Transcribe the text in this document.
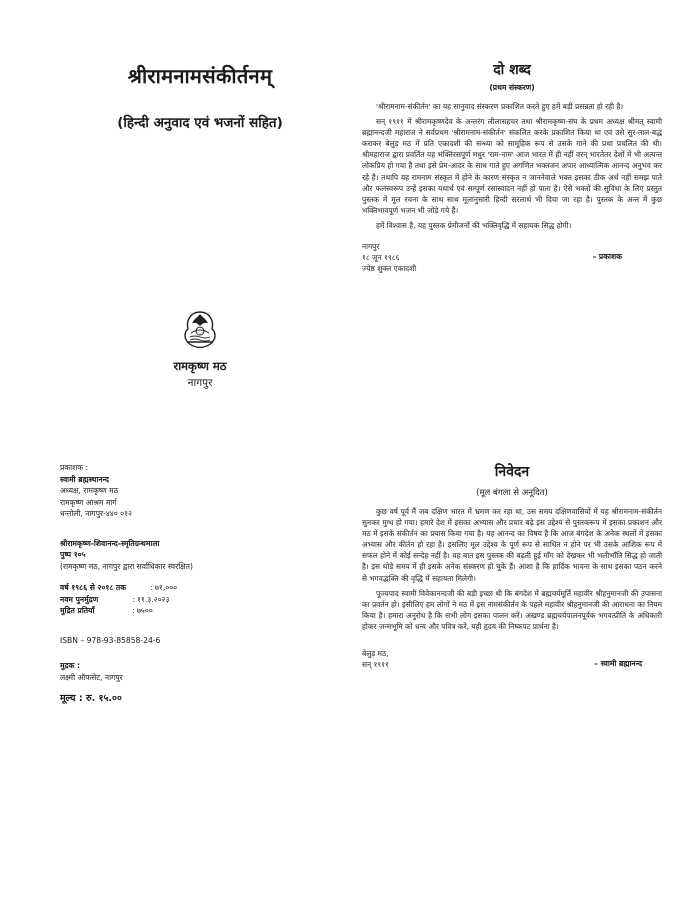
श्रीरामनामसंकीर्तनम्
(हिन्दी अनुवाद एवं भजनों सहित)
रामकृष्ण मठ
नागपुर
दो शब्द
(प्रथम संस्करण)

'श्रीरामनाम-संकीर्तन' का यह सानुवाद संस्करण प्रकाशित करते हुए हमें बड़ी प्रसन्नता हो रही है।

सन् १९११ में श्रीरामकृष्णदेव के अन्तरंग लीलासहचर तथा श्रीरामकृष्ण-संघ के प्रथम अध्यक्ष श्रीमत् स्वामी ब्रह्मानन्दजी महाराज ने सर्वप्रथम 'श्रीरामनाम-संकीर्तन' संकलित करके प्रकाशित किया था एवं उसे सुर-ताल-बद्ध कराकर बेलुड़ मठ में प्रति एकादशी की सन्ध्या को सामूहिक रूप से उसके गाने की प्रथा प्रचलित की थी। श्रीमहाराज द्वारा प्रवर्तित यह भक्तिरसपूर्ण मधुर 'राम-नाम' आज भारत में ही नहीं वरन् भारतेतर देशों में भी अत्यन्त लोकप्रिय हो गया है तथा इसे प्रेम-आदर के साथ गाते हुए अगणित भक्तजन अपार आध्यात्मिक आनन्द अनुभव कर रहे हैं। तथापि यह रामनाम संस्कृत में होने के कारण संस्कृत न जाननेवाले भक्त इसका ठीक अर्थ नहीं समझ पाते और फलस्वरूप उन्हें इसका यथार्थ एवं सम्पूर्ण रसास्वादन नहीं हो पाता है। ऐसे भक्तों की सुविधा के लिए प्रस्तुत पुस्तक में मूल रचना के साथ साथ मूलानुसारी हिन्दी सरलार्थ भी दिया जा रहा है। पुस्तक के अन्त में कुछ भक्तिभावपूर्ण भजन भी जोड़े गये हैं।

हमें विश्वास है, यह पुस्तक प्रेमीजनों की भक्तिवृद्धि में सहायक सिद्ध होगी।

नागपुर
१८ जून १९८६
ज्येष्ठ शुक्ल एकादशी
– प्रकाशक
प्रकाशक :
स्वामी ब्रह्मस्थानन्द
अध्यक्ष, रामकृष्ण मठ
रामकृष्ण आश्रम मार्ग
धन्तोली, नागपुर-४४० ०१२
श्रीरामकृष्ण-शिवानन्द-स्मृतिग्रन्थमाला
पुष्प १०५
(रामकृष्ण मठ, नागपुर द्वारा सर्वाधिकार स्वरक्षित)
वर्ष १९८६ से २०१८ तक	: ७१,०००
नवम पुनर्मुद्रण	: ११.३.२०२३
मुद्रित प्रतियाँ	: ७५००
ISBN – 978-93-85858-24-6
मुद्रक :
लक्ष्मी ऑफसेट, नागपुर
मूल्य : रु. १५.००
निवेदन
(मूल बंगला से अनूदित)

कुछ वर्ष पूर्व मैं जब दक्षिण भारत में भ्रमण कर रहा था, उस समय दक्षिणवासियों में यह श्रीरामनाम-संकीर्तन सुनकर मुग्ध हो गया। हमारे देश में इसका अभ्यास और प्रचार बढ़े इस उद्देश्य से पुस्तकरूप में इसका प्रकाशन और मठ में इसके संकीर्तन का प्रयास किया गया है। यह आनन्द का विषय है कि आज बंगदेश के अनेक स्थलों में इसका अभ्यास और कीर्तन हो रहा है। इसलिए मूल उद्देश्य के पूर्ण रूप से साधित न होने पर भी उसके आंशिक रूप में सफल होने में कोई सन्देह नहीं है। यह बात इस पुस्तक की बढ़ती हुई माँग को देखकर भी भलीभाँति सिद्ध हो जाती है। इस थोड़े समय में ही इसके अनेक संस्करण हो चुके हैं। आशा है कि हार्दिक भावना के साथ इसका पठन करने से भगवद्भक्ति की वृद्धि में सहायता मिलेगी।

पूज्यपाद स्वामी विवेकानन्दजी की बड़ी इच्छा थी कि बंगदेश में ब्रह्मचर्यमूर्ति महावीर श्रीहनुमानजी की उपासना का प्रवर्तन हो। इसीलिए हम लोगों ने मठ में इस नामसंकीर्तन के पहले महावीर श्रीहनुमानजी की आराधना का नियम किया है। हमारा अनुरोध है कि सभी लोग इसका पालन करें। अखण्ड ब्रह्मचर्यपालनपूर्वक भगवत्प्रीति के अधिकारी होकर जन्मभूमि को धन्य और पवित्र करें, यही हृदय की निष्कपट प्रार्थना है।

बेलुड़ मठ,
सन् १९११	– स्वामी ब्रह्मानन्द
